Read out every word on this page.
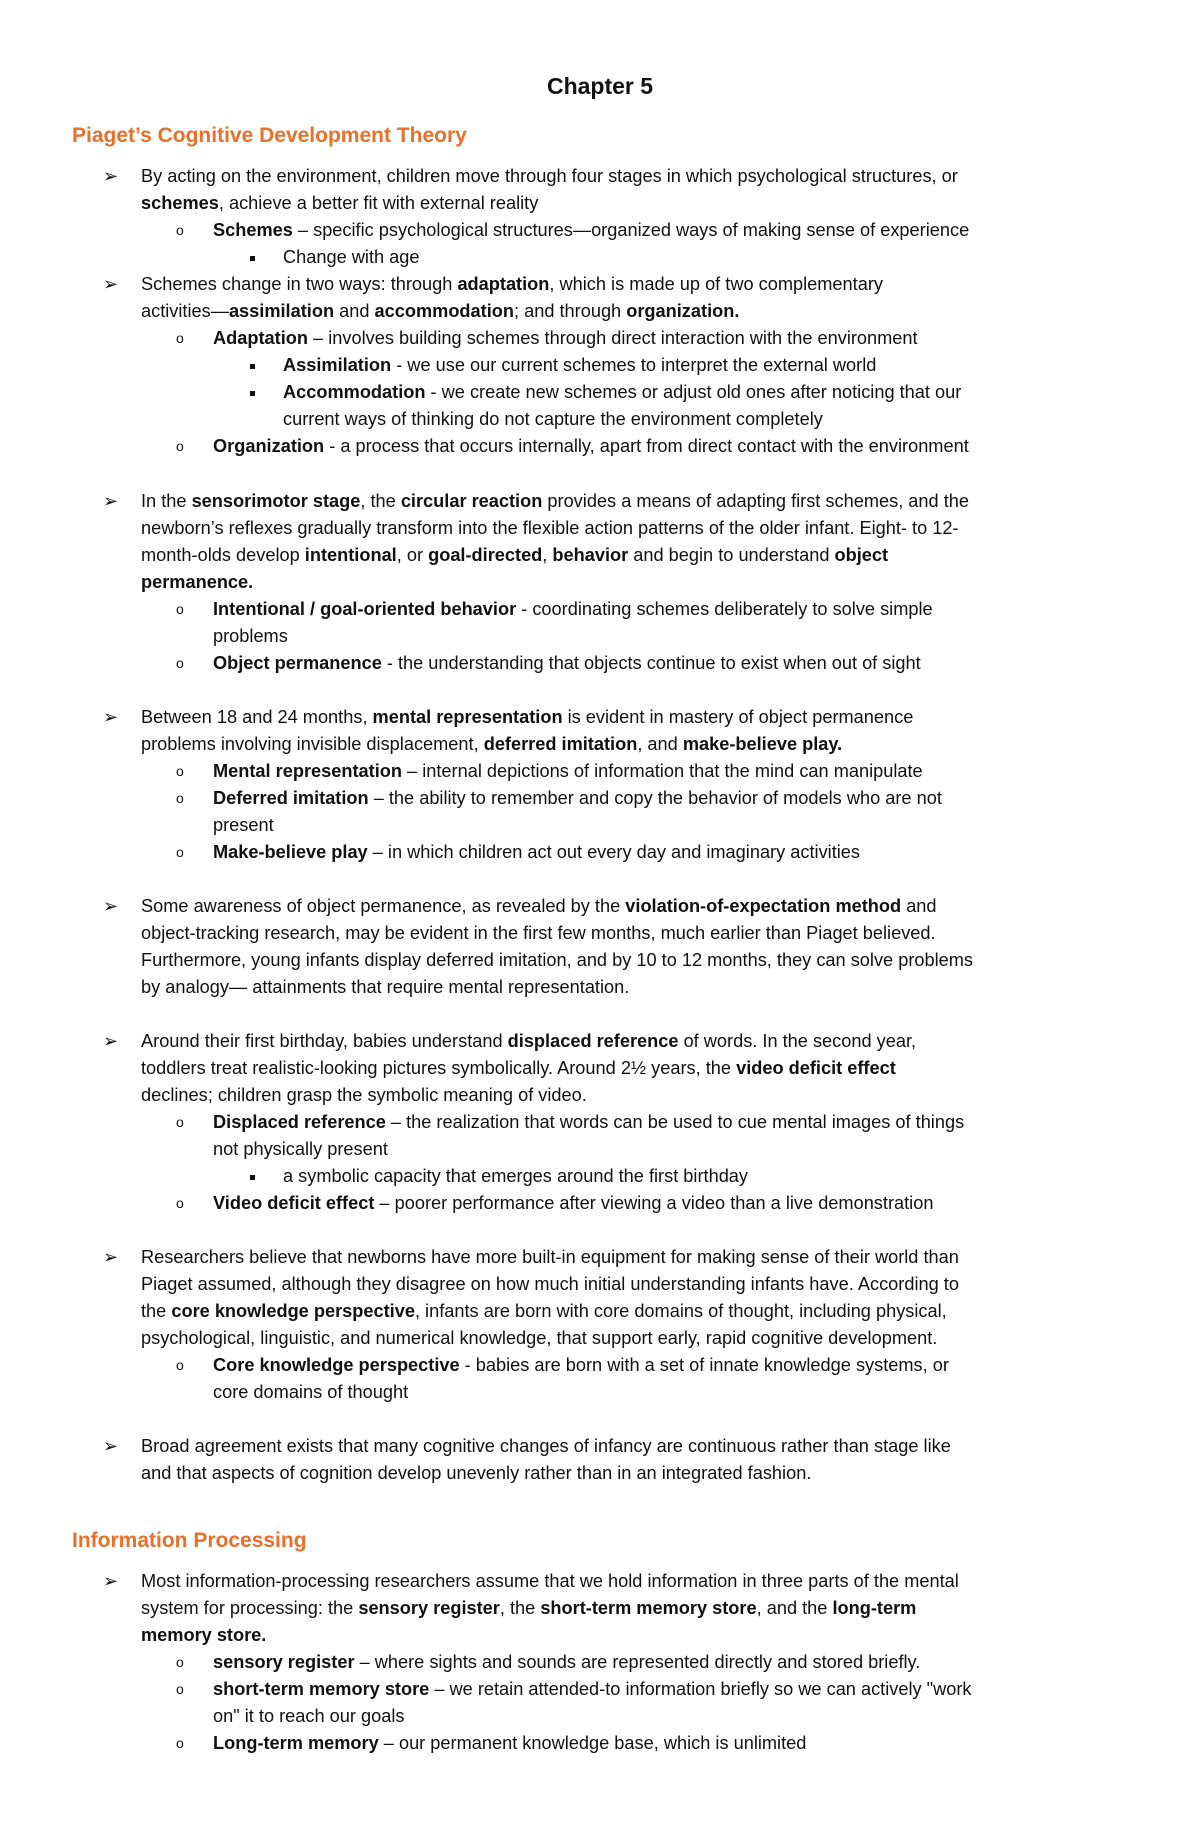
Chapter 5
Piaget’s Cognitive Development Theory
Information Processing
➢ By acting on the environment, children move through four stages in which psychological structures, or
schemes, achieve a better fit with external reality
o Schemes – specific psychological structures—organized ways of making sense of experience
Change with age
➢ Schemes change in two ways: through adaptation, which is made up of two complementary
activities—assimilation and accommodation; and through organization.
o Adaptation – involves building schemes through direct interaction with the environment
Assimilation - we use our current schemes to interpret the external world
Accommodation - we create new schemes or adjust old ones after noticing that our
current ways of thinking do not capture the environment completely
o Organization - a process that occurs internally, apart from direct contact with the environment
➢ In the sensorimotor stage, the circular reaction provides a means of adapting first schemes, and the
newborn’s reflexes gradually transform into the flexible action patterns of the older infant. Eight- to 12-
month-olds develop intentional, or goal-directed, behavior and begin to understand object
permanence.
o Intentional / goal-oriented behavior - coordinating schemes deliberately to solve simple
problems
o Object permanence - the understanding that objects continue to exist when out of sight
➢ Between 18 and 24 months, mental representation is evident in mastery of object permanence
problems involving invisible displacement, deferred imitation, and make-believe play.
o Mental representation – internal depictions of information that the mind can manipulate
o Deferred imitation – the ability to remember and copy the behavior of models who are not
present
o Make-believe play – in which children act out every day and imaginary activities
➢ Some awareness of object permanence, as revealed by the violation-of-expectation method and
object-tracking research, may be evident in the first few months, much earlier than Piaget believed.
Furthermore, young infants display deferred imitation, and by 10 to 12 months, they can solve problems
by analogy— attainments that require mental representation.
➢ Around their first birthday, babies understand displaced reference of words. In the second year,
toddlers treat realistic-looking pictures symbolically. Around 2½ years, the video deficit effect
declines; children grasp the symbolic meaning of video.
o Displaced reference – the realization that words can be used to cue mental images of things
not physically present
a symbolic capacity that emerges around the first birthday
o Video deficit effect – poorer performance after viewing a video than a live demonstration
➢ Researchers believe that newborns have more built-in equipment for making sense of their world than
Piaget assumed, although they disagree on how much initial understanding infants have. According to
the core knowledge perspective, infants are born with core domains of thought, including physical,
psychological, linguistic, and numerical knowledge, that support early, rapid cognitive development.
o Core knowledge perspective - babies are born with a set of innate knowledge systems, or
core domains of thought
➢ Broad agreement exists that many cognitive changes of infancy are continuous rather than stage like
and that aspects of cognition develop unevenly rather than in an integrated fashion.
➢ Most information-processing researchers assume that we hold information in three parts of the mental
system for processing: the sensory register, the short-term memory store, and the long-term
memory store.
o sensory register – where sights and sounds are represented directly and stored briefly.
o short-term memory store – we retain attended-to information briefly so we can actively "work
on" it to reach our goals
o Long-term memory – our permanent knowledge base, which is unlimited
